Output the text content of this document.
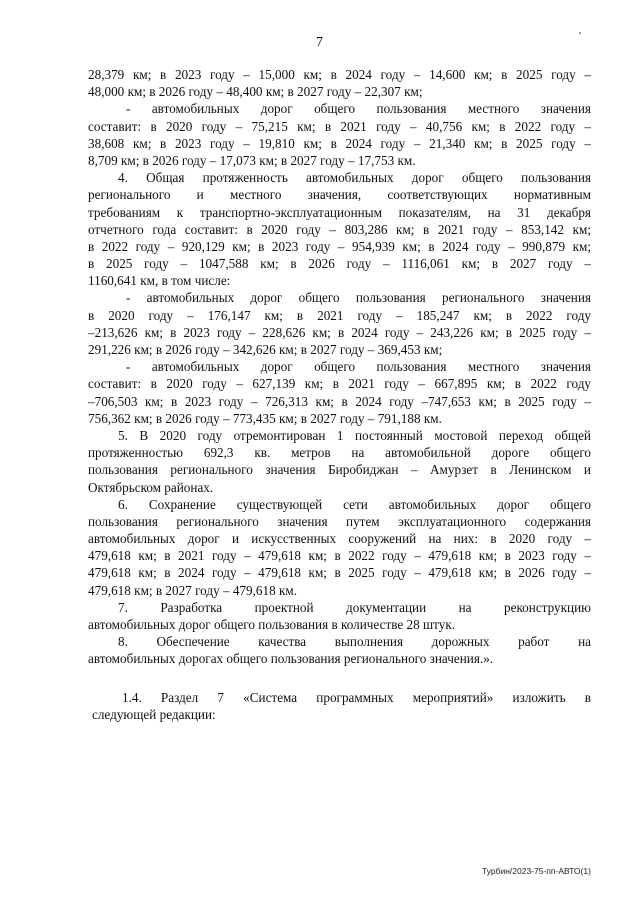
7
28,379 км; в 2023 году – 15,000 км; в 2024 году – 14,600 км; в 2025 году –
48,000 км; в 2026 году – 48,400 км; в 2027 году – 22,307 км;
- автомобильных дорог общего пользования местного значения
составит: в 2020 году – 75,215 км; в 2021 году – 40,756 км; в 2022 году –
38,608 км; в 2023 году – 19,810 км; в 2024 году – 21,340 км; в 2025 году –
8,709 км; в 2026 году – 17,073 км; в 2027 году – 17,753 км.
4. Общая протяженность автомобильных дорог общего пользования
регионального и местного значения, соответствующих нормативным
требованиям к транспортно-эксплуатационным показателям, на 31 декабря
отчетного года составит: в 2020 году – 803,286 км; в 2021 году – 853,142 км;
в 2022 году – 920,129 км; в 2023 году – 954,939 км; в 2024 году – 990,879 км;
в 2025 году – 1047,588 км; в 2026 году – 1116,061 км; в 2027 году –
1160,641 км, в том числе:
- автомобильных дорог общего пользования регионального значения
в 2020 году – 176,147 км; в 2021 году – 185,247 км; в 2022 году
–213,626 км; в 2023 году – 228,626 км; в 2024 году – 243,226 км; в 2025 году –
291,226 км; в 2026 году – 342,626 км; в 2027 году – 369,453 км;
- автомобильных дорог общего пользования местного значения
составит: в 2020 году – 627,139 км; в 2021 году – 667,895 км; в 2022 году
–706,503 км; в 2023 году – 726,313 км; в 2024 году –747,653 км; в 2025 году –
756,362 км; в 2026 году – 773,435 км; в 2027 году – 791,188 км.
5. В 2020 году отремонтирован 1 постоянный мостовой переход общей
протяженностью 692,3 кв. метров на автомобильной дороге общего
пользования регионального значения Биробиджан – Амурзет в Ленинском и
Октябрьском районах.
6. Сохранение существующей сети автомобильных дорог общего
пользования регионального значения путем эксплуатационного содержания
автомобильных дорог и искусственных сооружений на них: в 2020 году –
479,618 км; в 2021 году – 479,618 км; в 2022 году – 479,618 км; в 2023 году –
479,618 км; в 2024 году – 479,618 км; в 2025 году – 479,618 км; в 2026 году –
479,618 км; в 2027 году – 479,618 км.
7. Разработка проектной документации на реконструкцию
автомобильных дорог общего пользования в количестве 28 штук.
8. Обеспечение качества выполнения дорожных работ на
автомобильных дорогах общего пользования регионального значения.».
1.4. Раздел 7 «Система программных мероприятий» изложить в
следующей редакции:
Турбин/2023-75-пп-АВТО(1)
